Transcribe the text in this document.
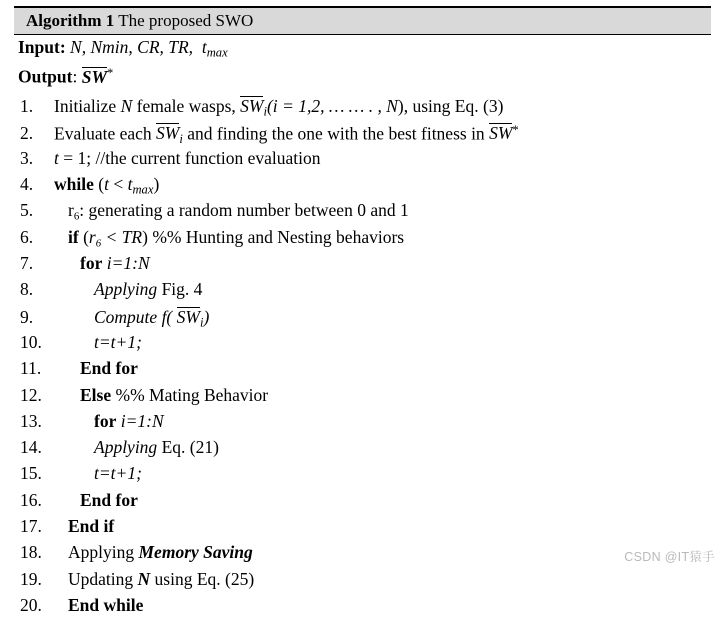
Algorithm 1 The proposed SWO
Input: N, Nmin, CR, TR, $t_{max}$
Output: SW*
1.	Initialize N female wasps, $SW_i(i = 1,2$, … … . , N), using Eq. (3)
2.	Evaluate each $SW_i$ and finding the one with the best fitness in SW*
3.	t = 1; //the current function evaluation
4.	while $(t < t_{max})$
5.	r6: generating a random number between 0 and 1
6.	if (r6 < TR) %% Hunting and Nesting behaviors
7.	for i=1:N
8.	Applying Fig. 4
9.	Compute f( $SW_i$)
10.	t=t+1;
11.	End for
12.	Else %% Mating Behavior
13.	for i=1:N
14.	Applying Eq. (21)
15.	t=t+1;
16.	End for
17.	End if
18.	Applying Memory Saving
19.	Updating N using Eq. (25)
20.	End while
CSDN @IT猿手
